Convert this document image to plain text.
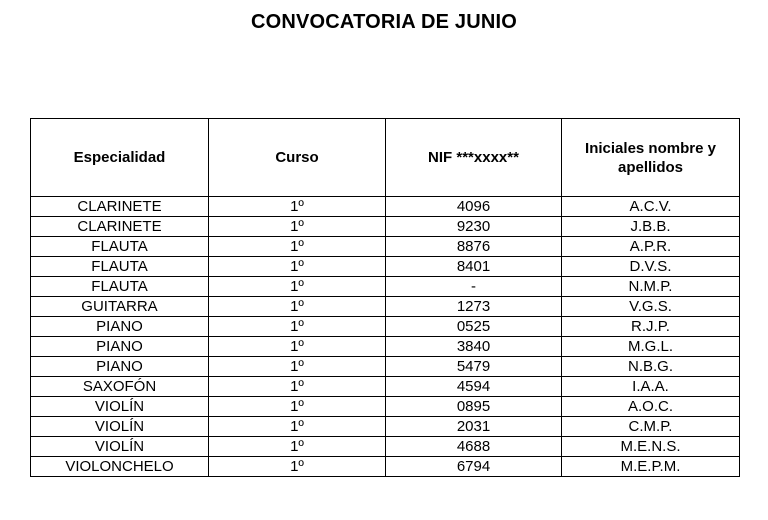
CONVOCATORIA DE JUNIO
Especialidad	Curso	NIF ***xxxx**	Iniciales nombre y apellidos
CLARINETE	1º	4096	A.C.V.
CLARINETE	1º	9230	J.B.B.
FLAUTA	1º	8876	A.P.R.
FLAUTA	1º	8401	D.V.S.
FLAUTA	1º	-	N.M.P.
GUITARRA	1º	1273	V.G.S.
PIANO	1º	0525	R.J.P.
PIANO	1º	3840	M.G.L.
PIANO	1º	5479	N.B.G.
SAXOFÓN	1º	4594	I.A.A.
VIOLÍN	1º	0895	A.O.C.
VIOLÍN	1º	2031	C.M.P.
VIOLÍN	1º	4688	M.E.N.S.
VIOLONCHELO	1º	6794	M.E.P.M.
